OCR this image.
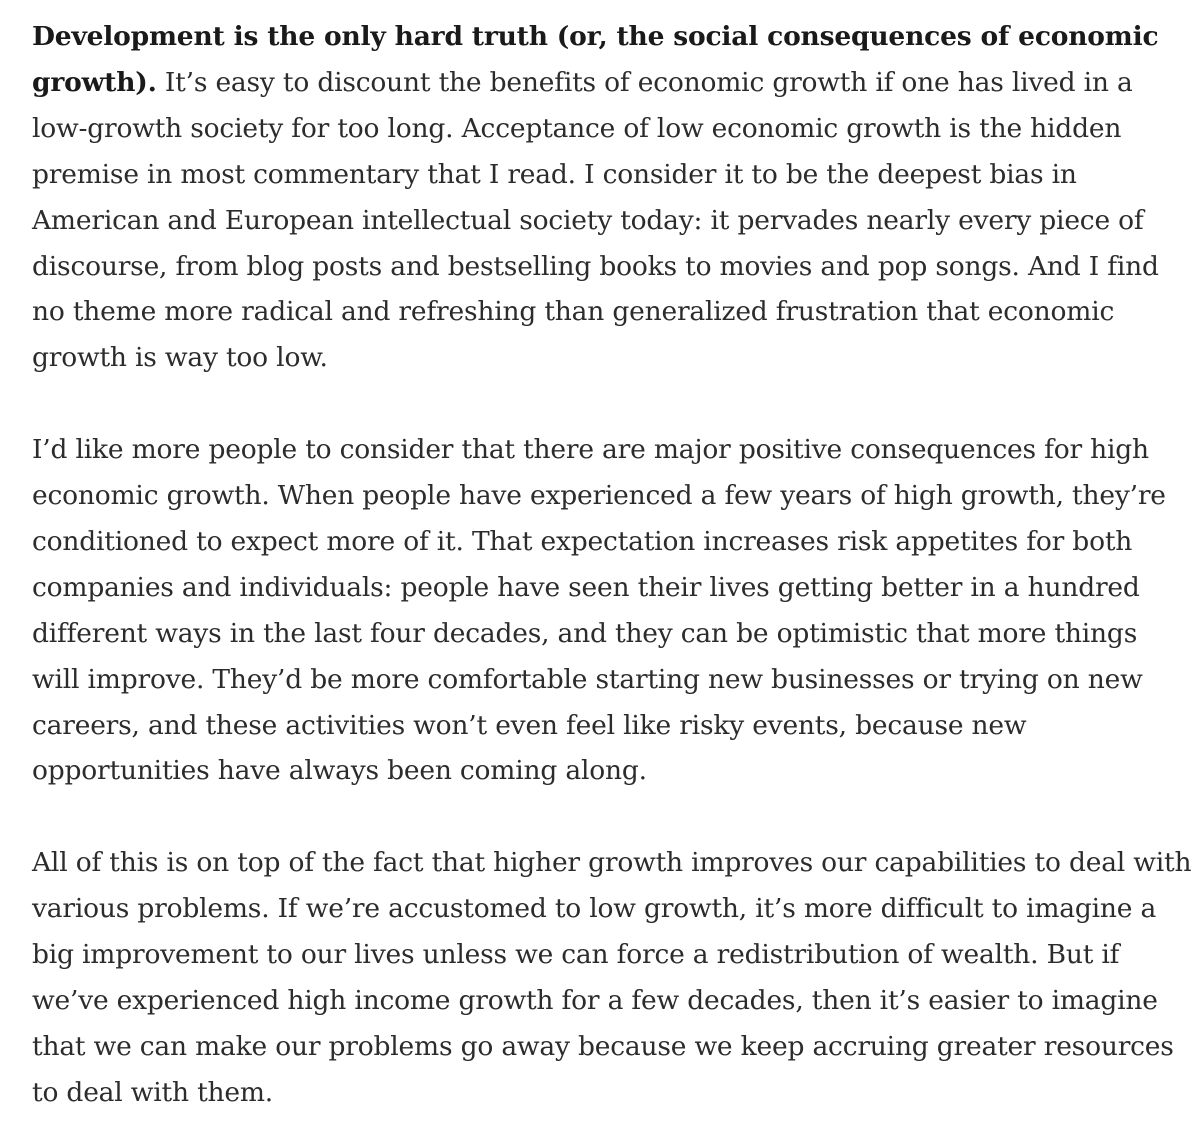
Development is the only hard truth (or, the social consequences of economic growth). It’s easy to discount the benefits of economic growth if one has lived in a low-growth society for too long. Acceptance of low economic growth is the hidden premise in most commentary that I read. I consider it to be the deepest bias in American and European intellectual society today: it pervades nearly every piece of discourse, from blog posts and bestselling books to movies and pop songs. And I find no theme more radical and refreshing than generalized frustration that economic growth is way too low.

I’d like more people to consider that there are major positive consequences for high economic growth. When people have experienced a few years of high growth, they’re conditioned to expect more of it. That expectation increases risk appetites for both companies and individuals: people have seen their lives getting better in a hundred different ways in the last four decades, and they can be optimistic that more things will improve. They’d be more comfortable starting new businesses or trying on new careers, and these activities won’t even feel like risky events, because new opportunities have always been coming along.

All of this is on top of the fact that higher growth improves our capabilities to deal with various problems. If we’re accustomed to low growth, it’s more difficult to imagine a big improvement to our lives unless we can force a redistribution of wealth. But if we’ve experienced high income growth for a few decades, then it’s easier to imagine that we can make our problems go away because we keep accruing greater resources to deal with them.
